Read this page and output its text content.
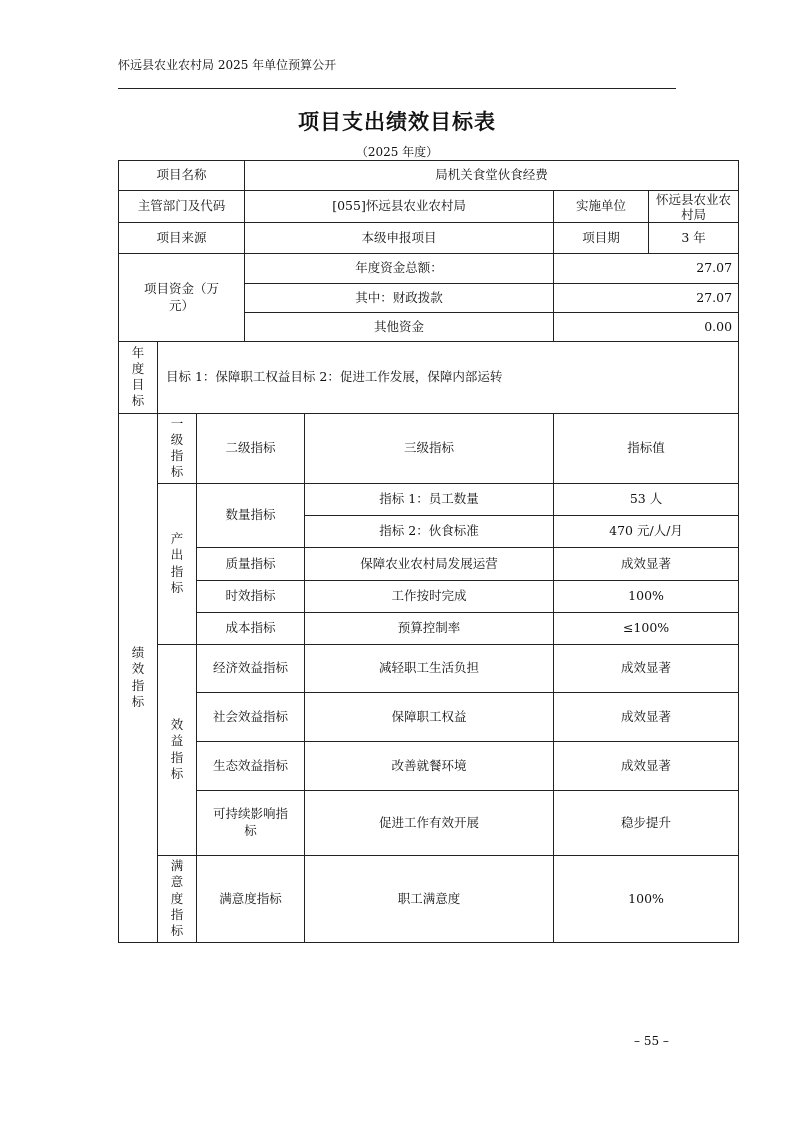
怀远县农业农村局 2025 年单位预算公开
项目支出绩效目标表
（2025 年度）
项目名称			局机关食堂伙食经费			
主管部门及代码			[055]怀远县农业农村局		实施单位	怀远县农业农村局
项目来源			本级申报项目		项目期	3 年
项目资金（万元）			年度资金总额：		27.07	
			其中：财政拨款		27.07	
			其他资金		0.00	
年度目标	目标 1：保障职工权益目标 2：促进工作发展，保障内部运转					
绩效指标	一级指标	二级指标		三级指标	指标值	
	产出指标	数量指标		指标 1：员工数量	53 人	
				指标 2：伙食标准	470 元/人/月	
		质量指标		保障农业农村局发展运营	成效显著	
		时效指标		工作按时完成	100%	
		成本指标		预算控制率	≤100%	
	效益指标	经济效益指标		减轻职工生活负担	成效显著	
		社会效益指标		保障职工权益	成效显著	
		生态效益指标		改善就餐环境	成效显著	
		可持续影响指标		促进工作有效开展	稳步提升	
	满意度指标	满意度指标		职工满意度	100%	
– 55 –
